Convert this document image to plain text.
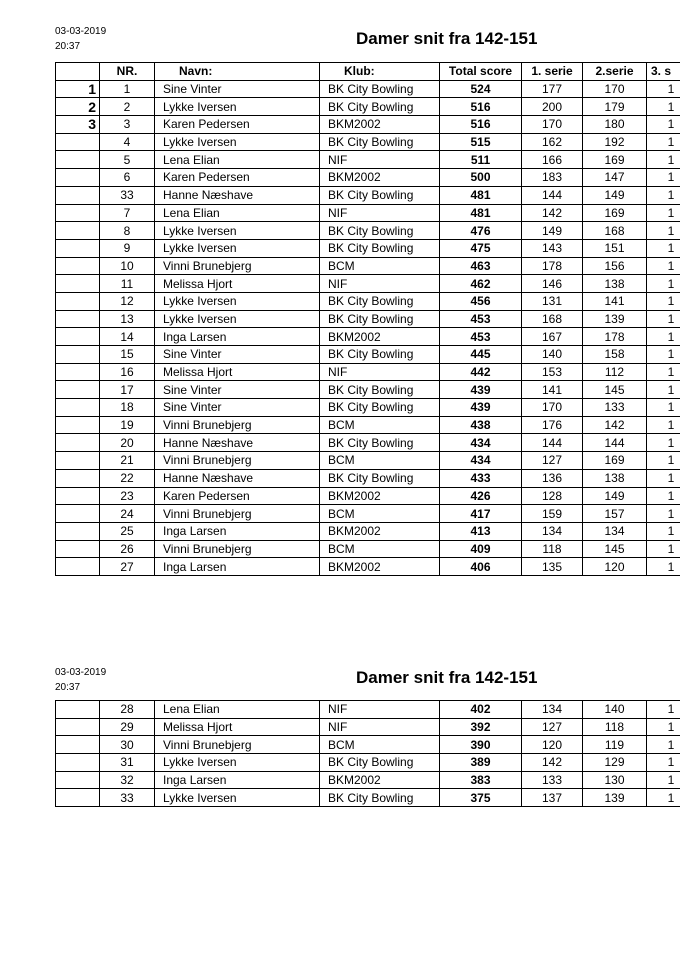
03-03-2019
20:37	Damer snit fra 142-151
	NR.	Navn:	Klub:	Total score	1. serie	2.serie	3. s
1	1	Sine Vinter	BK City Bowling	524	177	170	1
2	2	Lykke Iversen	BK City Bowling	516	200	179	1
3	3	Karen Pedersen	BKM2002	516	170	180	1
	4	Lykke Iversen	BK City Bowling	515	162	192	1
	5	Lena Elian	NIF	511	166	169	1
	6	Karen Pedersen	BKM2002	500	183	147	1
	33	Hanne Næshave	BK City Bowling	481	144	149	1
	7	Lena Elian	NIF	481	142	169	1
	8	Lykke Iversen	BK City Bowling	476	149	168	1
	9	Lykke Iversen	BK City Bowling	475	143	151	1
	10	Vinni Brunebjerg	BCM	463	178	156	1
	11	Melissa Hjort	NIF	462	146	138	1
	12	Lykke Iversen	BK City Bowling	456	131	141	1
	13	Lykke Iversen	BK City Bowling	453	168	139	1
	14	Inga Larsen	BKM2002	453	167	178	1
	15	Sine Vinter	BK City Bowling	445	140	158	1
	16	Melissa Hjort	NIF	442	153	112	1
	17	Sine Vinter	BK City Bowling	439	141	145	1
	18	Sine Vinter	BK City Bowling	439	170	133	1
	19	Vinni Brunebjerg	BCM	438	176	142	1
	20	Hanne Næshave	BK City Bowling	434	144	144	1
	21	Vinni Brunebjerg	BCM	434	127	169	1
	22	Hanne Næshave	BK City Bowling	433	136	138	1
	23	Karen Pedersen	BKM2002	426	128	149	1
	24	Vinni Brunebjerg	BCM	417	159	157	1
	25	Inga Larsen	BKM2002	413	134	134	1
	26	Vinni Brunebjerg	BCM	409	118	145	1
	27	Inga Larsen	BKM2002	406	135	120	1
03-03-2019
20:37
Damer snit fra 142-151
	28	Lena Elian	NIF	402	134	140	1
	29	Melissa Hjort	NIF	392	127	118	1
	30	Vinni Brunebjerg	BCM	390	120	119	1
	31	Lykke Iversen	BK City Bowling	389	142	129	1
	32	Inga Larsen	BKM2002	383	133	130	1
	33	Lykke Iversen	BK City Bowling	375	137	139	1
